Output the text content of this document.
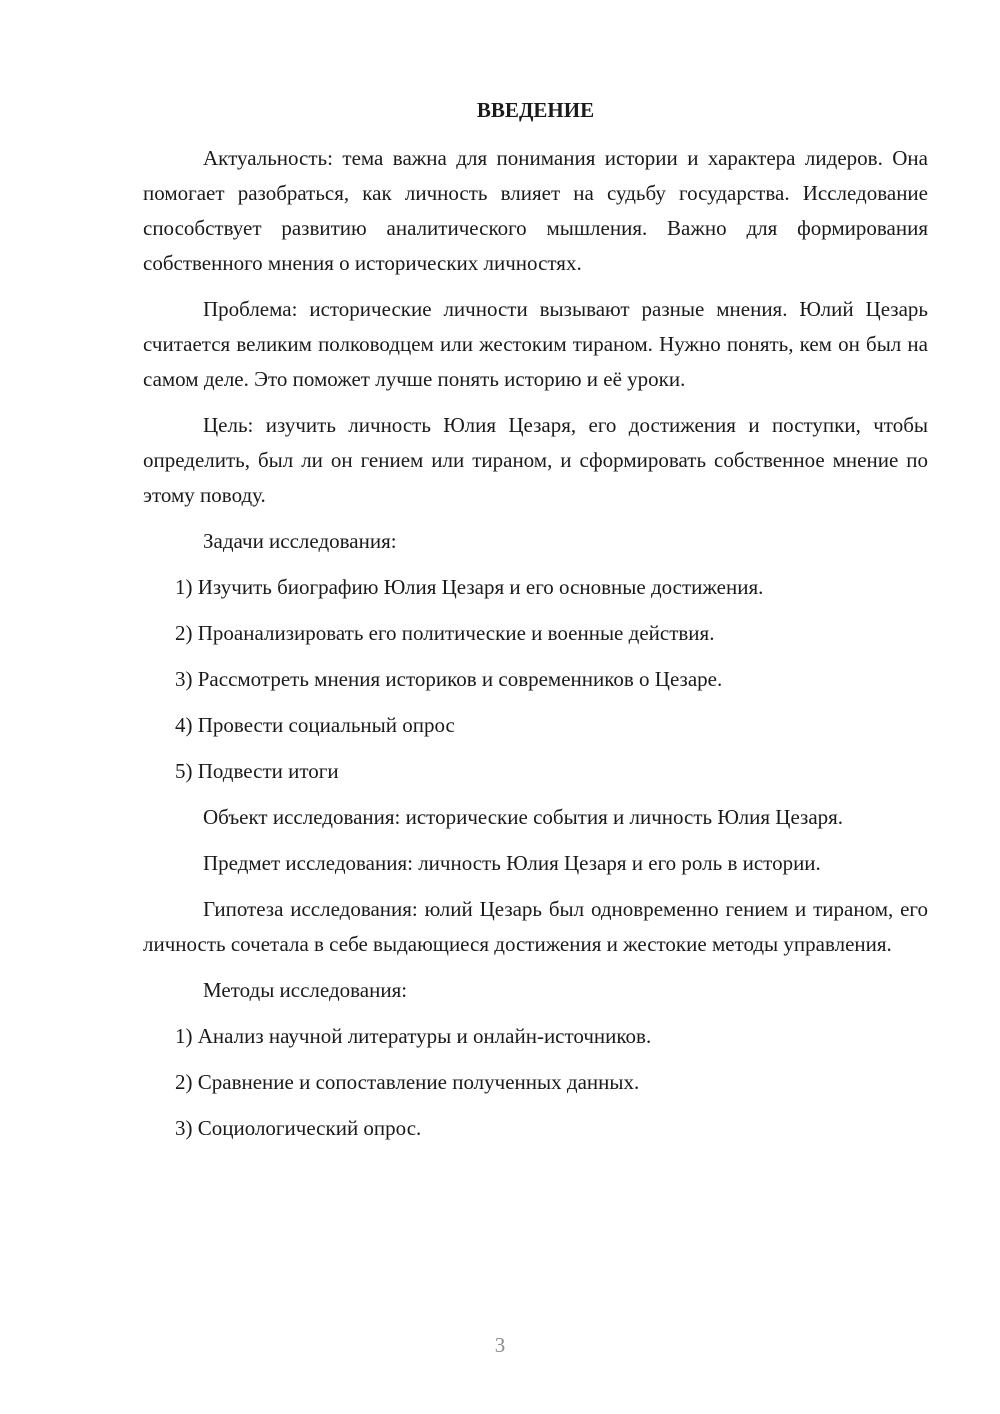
ВВЕДЕНИЕ

Актуальность: тема важна для понимания истории и характера лидеров. Она помогает разобраться, как личность влияет на судьбу государства. Исследование способствует развитию аналитического мышления. Важно для формирования собственного мнения о исторических личностях.

Проблема: исторические личности вызывают разные мнения. Юлий Цезарь считается великим полководцем или жестоким тираном. Нужно понять, кем он был на самом деле. Это поможет лучше понять историю и её уроки.

Цель: изучить личность Юлия Цезаря, его достижения и поступки, чтобы определить, был ли он гением или тираном, и сформировать собственное мнение по этому поводу.

Задачи исследования:

1) Изучить биографию Юлия Цезаря и его основные достижения.

2) Проанализировать его политические и военные действия.

3) Рассмотреть мнения историков и современников о Цезаре.

4) Провести социальный опрос

5) Подвести итоги

Объект исследования: исторические события и личность Юлия Цезаря.

Предмет исследования: личность Юлия Цезаря и его роль в истории.

Гипотеза исследования: юлий Цезарь был одновременно гением и тираном, его личность сочетала в себе выдающиеся достижения и жестокие методы управления.

Методы исследования:

1) Анализ научной литературы и онлайн-источников.

2) Сравнение и сопоставление полученных данных.

3) Социологический опрос.

3
